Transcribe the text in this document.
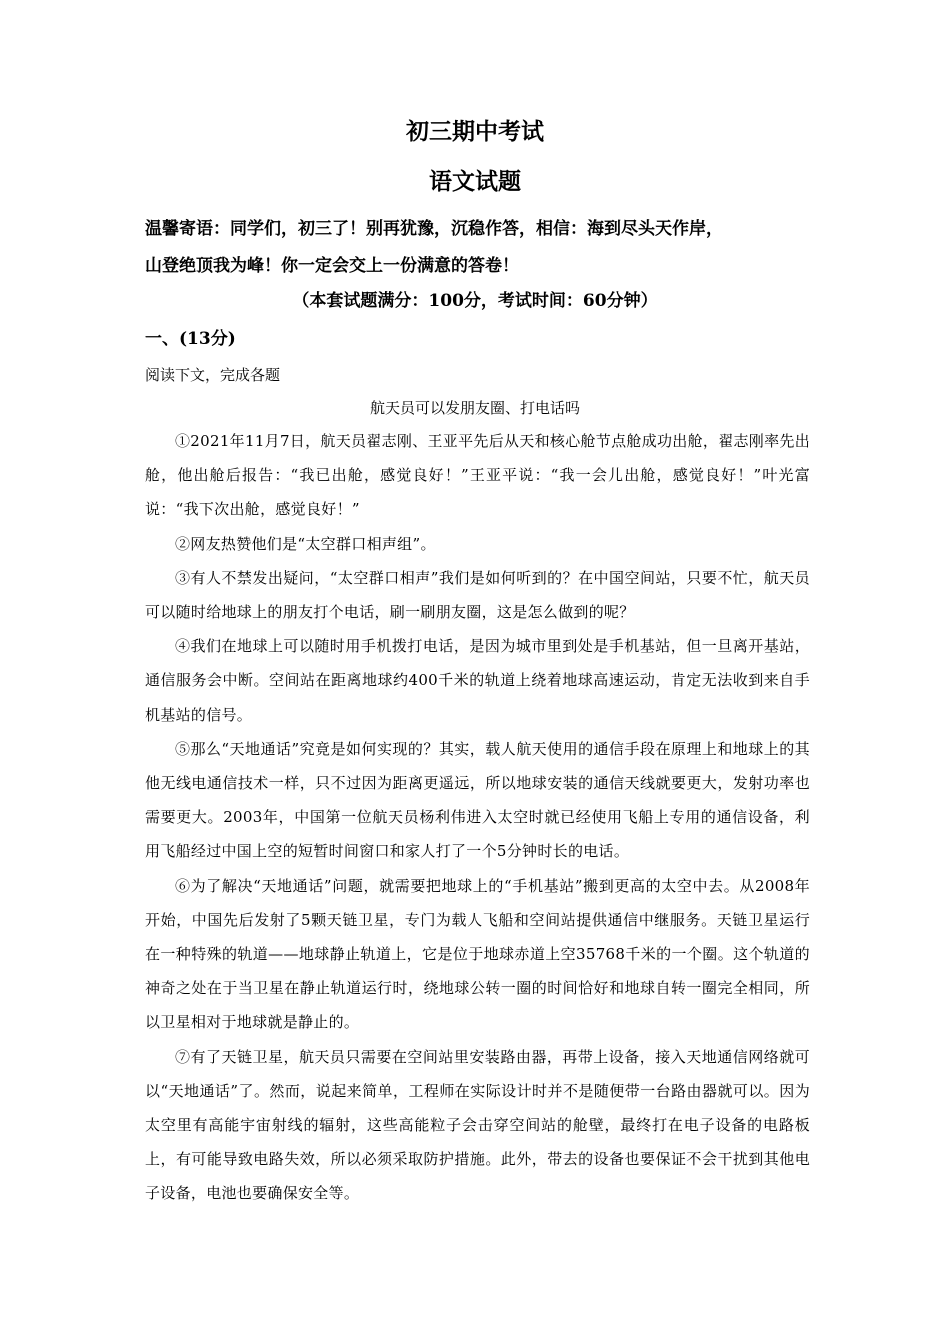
初三期中考试
语文试题

温馨寄语：同学们，初三了！别再犹豫，沉稳作答，相信：海到尽头天作岸，

山登绝顶我为峰！你一定会交上一份满意的答卷！

（本套试题满分：100分，考试时间：60分钟）

一、(13分)

阅读下文，完成各题

航天员可以发朋友圈、打电话吗

①2021年11月7日，航天员翟志刚、王亚平先后从天和核心舱节点舱成功出舱，翟志刚率先出舱，他出舱后报告：“我已出舱，感觉良好！”王亚平说：“我一会儿出舱，感觉良好！”叶光富说：“我下次出舱，感觉良好！”

②网友热赞他们是“太空群口相声组”。

③有人不禁发出疑问，“太空群口相声”我们是如何听到的？在中国空间站，只要不忙，航天员可以随时给地球上的朋友打个电话，刷一刷朋友圈，这是怎么做到的呢？

④我们在地球上可以随时用手机拨打电话，是因为城市里到处是手机基站，但一旦离开基站，通信服务会中断。空间站在距离地球约400千米的轨道上绕着地球高速运动，肯定无法收到来自手机基站的信号。

⑤那么“天地通话”究竟是如何实现的？其实，载人航天使用的通信手段在原理上和地球上的其他无线电通信技术一样，只不过因为距离更遥远，所以地球安装的通信天线就要更大，发射功率也需要更大。2003年，中国第一位航天员杨利伟进入太空时就已经使用飞船上专用的通信设备，利用飞船经过中国上空的短暂时间窗口和家人打了一个5分钟时长的电话。

⑥为了解决“天地通话”问题，就需要把地球上的“手机基站”搬到更高的太空中去。从2008年开始，中国先后发射了5颗天链卫星，专门为载人飞船和空间站提供通信中继服务。天链卫星运行在一种特殊的轨道——地球静止轨道上，它是位于地球赤道上空35768千米的一个圈。这个轨道的神奇之处在于当卫星在静止轨道运行时，绕地球公转一圈的时间恰好和地球自转一圈完全相同，所以卫星相对于地球就是静止的。

⑦有了天链卫星，航天员只需要在空间站里安装路由器，再带上设备，接入天地通信网络就可以“天地通话”了。然而，说起来简单，工程师在实际设计时并不是随便带一台路由器就可以。因为太空里有高能宇宙射线的辐射，这些高能粒子会击穿空间站的舱壁，最终打在电子设备的电路板上，有可能导致电路失效，所以必须采取防护措施。此外，带去的设备也要保证不会干扰到其他电子设备，电池也要确保安全等。
